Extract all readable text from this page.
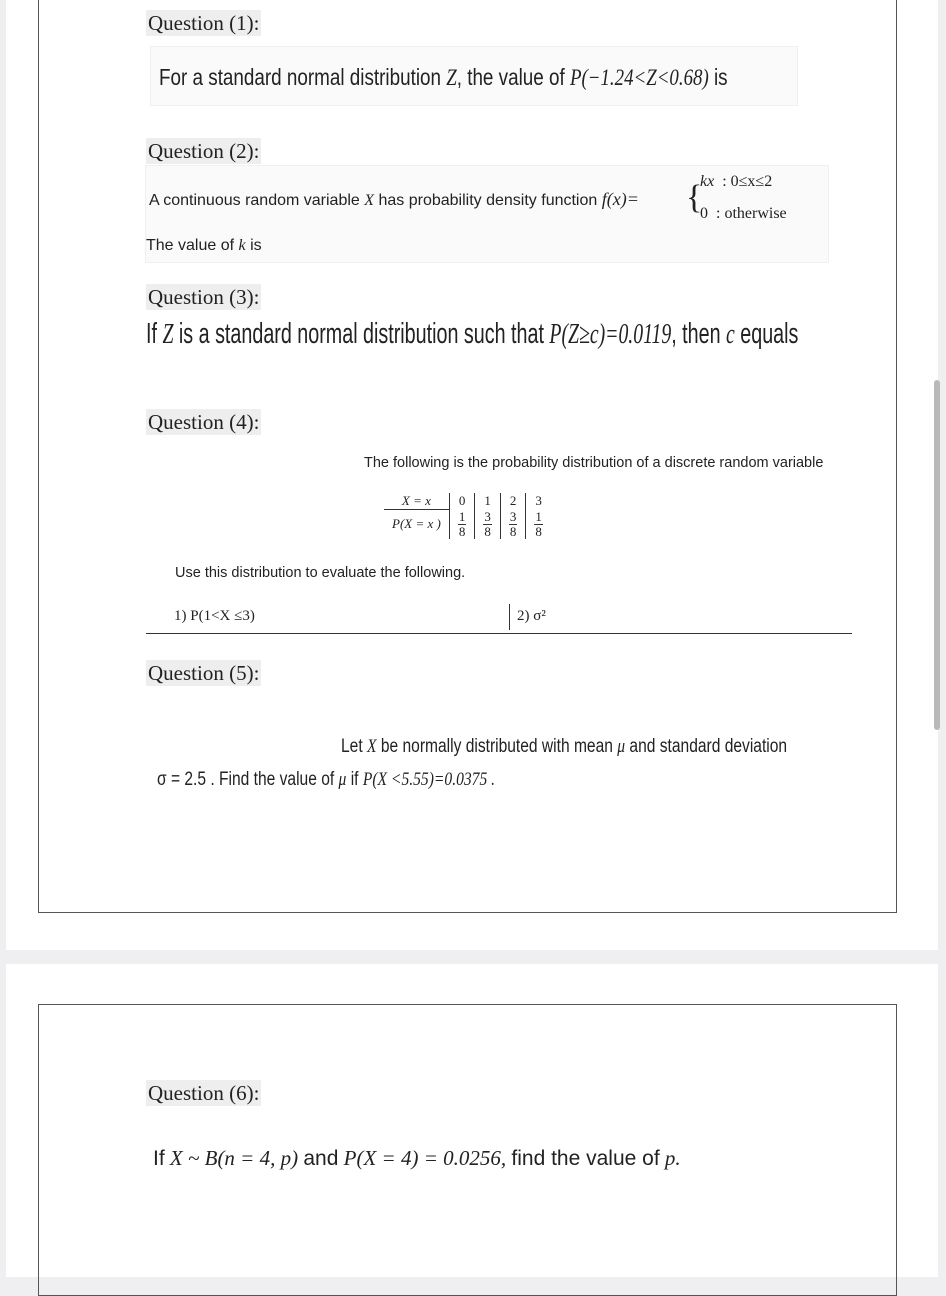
Question (1):
For a standard normal distribution Z, the value of P(−1.24<Z<0.68) is
Question (2):
A continuous random variable X has probability density function f(x)= {
kx : 0≤x≤2
0 : otherwise
The value of k is
Question (3):
If Z is a standard normal distribution such that P(Z≥c)=0.0119, then c equals
Question (4):
The following is the probability distribution of a discrete random variable
X = x	0	1	2	3
P(X = x )	$\frac{1}{8}$	$\frac{3}{8}$	$\frac{3}{8}$	$\frac{1}{8}$
Use this distribution to evaluate the following.
1) P(1<X ≤3)	2) σ²
Question (5):
Let X be normally distributed with mean μ and standard deviation
σ = 2.5 . Find the value of μ if P(X <5.55)=0.0375 .
Question (6):
If X ~ B(n = 4, p) and P(X = 4) = 0.0256, find the value of p.
